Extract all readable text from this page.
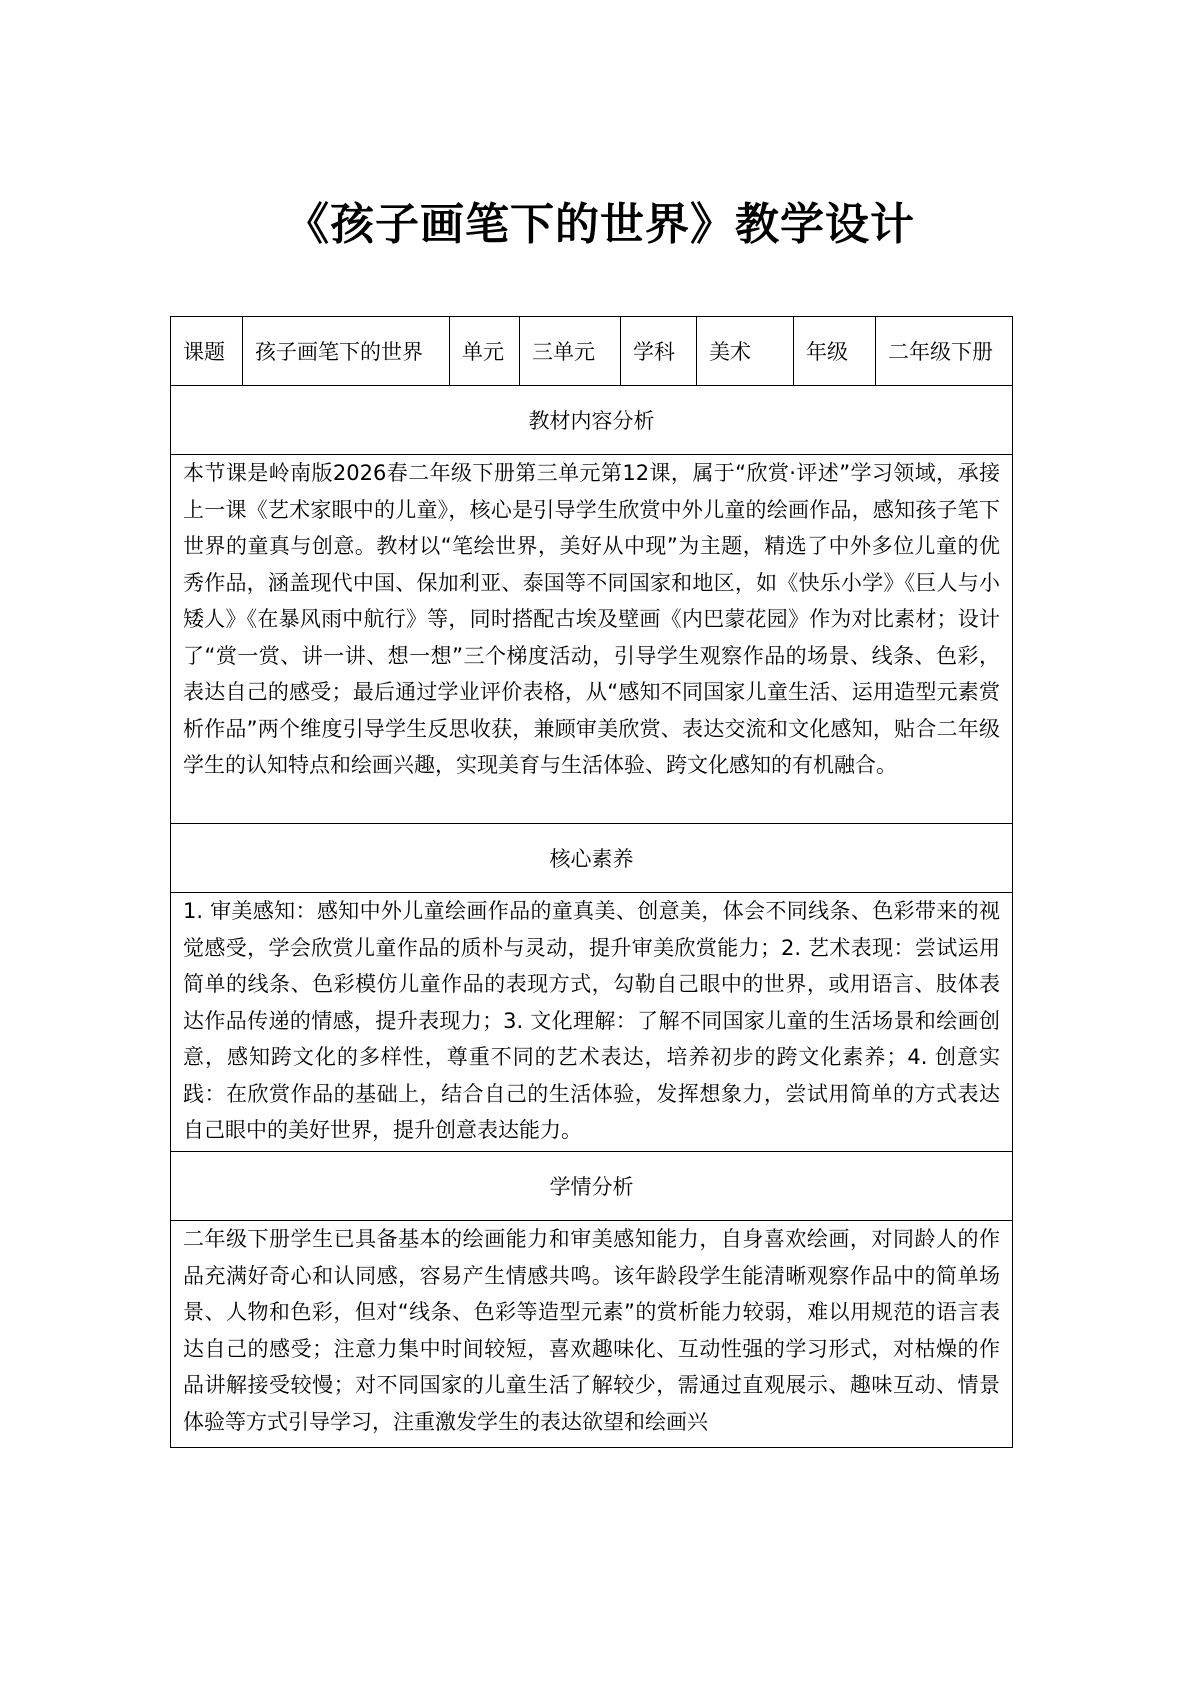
《孩子画笔下的世界》教学设计
课题	孩子画笔下的世界	单元	三单元	学科	美术	年级	二年级下册
教材内容分析

本节课是岭南版2026春二年级下册第三单元第12课，属于“欣赏·评述”学习领域，承接上一课《艺术家眼中的儿童》，核心是引导学生欣赏中外儿童的绘画作品，感知孩子笔下世界的童真与创意。教材以“笔绘世界，美好从中现”为主题，精选了中外多位儿童的优秀作品，涵盖现代中国、保加利亚、泰国等不同国家和地区，如《快乐小学》《巨人与小矮人》《在暴风雨中航行》等，同时搭配古埃及壁画《内巴蒙花园》作为对比素材；设计了“赏一赏、讲一讲、想一想”三个梯度活动，引导学生观察作品的场景、线条、色彩，表达自己的感受；最后通过学业评价表格，从“感知不同国家儿童生活、运用造型元素赏析作品”两个维度引导学生反思收获，兼顾审美欣赏、表达交流和文化感知，贴合二年级学生的认知特点和绘画兴趣，实现美育与生活体验、跨文化感知的有机融合。

核心素养

1. 审美感知：感知中外儿童绘画作品的童真美、创意美，体会不同线条、色彩带来的视觉感受，学会欣赏儿童作品的质朴与灵动，提升审美欣赏能力；2. 艺术表现：尝试运用简单的线条、色彩模仿儿童作品的表现方式，勾勒自己眼中的世界，或用语言、肢体表达作品传递的情感，提升表现力；3. 文化理解：了解不同国家儿童的生活场景和绘画创意，感知跨文化的多样性，尊重不同的艺术表达，培养初步的跨文化素养；4. 创意实践：在欣赏作品的基础上，结合自己的生活体验，发挥想象力，尝试用简单的方式表达自己眼中的美好世界，提升创意表达能力。

学情分析

二年级下册学生已具备基本的绘画能力和审美感知能力，自身喜欢绘画，对同龄人的作品充满好奇心和认同感，容易产生情感共鸣。该年龄段学生能清晰观察作品中的简单场景、人物和色彩，但对“线条、色彩等造型元素”的赏析能力较弱，难以用规范的语言表达自己的感受；注意力集中时间较短，喜欢趣味化、互动性强的学习形式，对枯燥的作品讲解接受较慢；对不同国家的儿童生活了解较少，需通过直观展示、趣味互动、情景体验等方式引导学习，注重激发学生的表达欲望和绘画兴
